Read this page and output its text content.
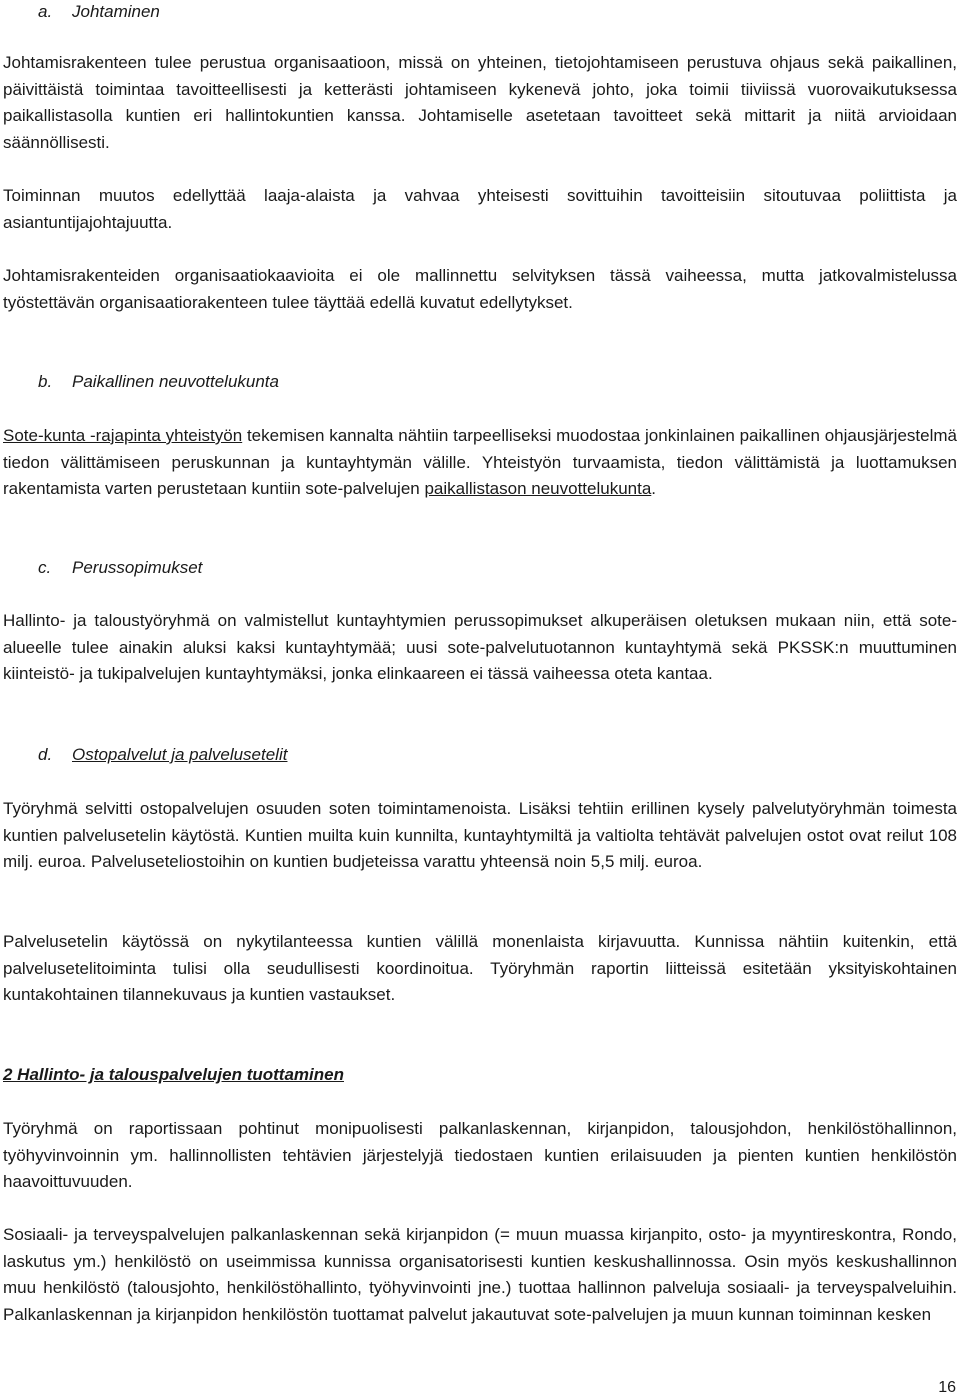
a. Johtaminen

Johtamisrakenteen tulee perustua organisaatioon, missä on yhteinen, tietojohtamiseen perustuva ohjaus sekä paikallinen, päivittäistä toimintaa tavoitteellisesti ja ketterästi johtamiseen kykenevä johto, joka toimii tiiviissä vuorovaikutuksessa paikallistasolla kuntien eri hallintokuntien kanssa. Johtamiselle asetetaan tavoitteet sekä mittarit ja niitä arvioidaan säännöllisesti.

Toiminnan muutos edellyttää laaja-alaista ja vahvaa yhteisesti sovittuihin tavoitteisiin sitoutuvaa poliittista ja asiantuntijajohtajuutta.

Johtamisrakenteiden organisaatiokaavioita ei ole mallinnettu selvityksen tässä vaiheessa, mutta jatkovalmistelussa työstettävän organisaatiorakenteen tulee täyttää edellä kuvatut edellytykset.

b. Paikallinen neuvottelukunta

Sote-kunta -rajapinta yhteistyön tekemisen kannalta nähtiin tarpeelliseksi muodostaa jonkinlainen paikallinen ohjausjärjestelmä tiedon välittämiseen peruskunnan ja kuntayhtymän välille. Yhteistyön turvaamista, tiedon välittämistä ja luottamuksen rakentamista varten perustetaan kuntiin sote-palvelujen paikallistason neuvottelukunta.

c. Perussopimukset

Hallinto- ja taloustyöryhmä on valmistellut kuntayhtymien perussopimukset alkuperäisen oletuksen mukaan niin, että sote-alueelle tulee ainakin aluksi kaksi kuntayhtymää; uusi sote-palvelutuotannon kuntayhtymä sekä PKSSK:n muuttuminen kiinteistö- ja tukipalvelujen kuntayhtymäksi, jonka elinkaareen ei tässä vaiheessa oteta kantaa.

d. Ostopalvelut ja palvelusetelit

Työryhmä selvitti ostopalvelujen osuuden soten toimintamenoista. Lisäksi tehtiin erillinen kysely palvelutyöryhmän toimesta kuntien palvelusetelin käytöstä. Kuntien muilta kuin kunnilta, kuntayhtymiltä ja valtiolta tehtävät palvelujen ostot ovat reilut 108 milj. euroa. Palveluseteliostoihin on kuntien budjeteissa varattu yhteensä noin 5,5 milj. euroa.

Palvelusetelin käytössä on nykytilanteessa kuntien välillä monenlaista kirjavuutta. Kunnissa nähtiin kuitenkin, että palvelusetelitoiminta tulisi olla seudullisesti koordinoitua. Työryhmän raportin liitteissä esitetään yksityiskohtainen kuntakohtainen tilannekuvaus ja kuntien vastaukset.

2 Hallinto- ja talouspalvelujen tuottaminen

Työryhmä on raportissaan pohtinut monipuolisesti palkanlaskennan, kirjanpidon, talousjohdon, henkilöstöhallinnon, työhyvinvoinnin ym. hallinnollisten tehtävien järjestelyjä tiedostaen kuntien erilaisuuden ja pienten kuntien henkilöstön haavoittuvuuden.

Sosiaali- ja terveyspalvelujen palkanlaskennan sekä kirjanpidon (= muun muassa kirjanpito, osto- ja myyntireskontra, Rondo, laskutus ym.) henkilöstö on useimmissa kunnissa organisatorisesti kuntien keskushallinnossa. Osin myös keskushallinnon muu henkilöstö (talousjohto, henkilöstöhallinto, työhyvinvointi jne.) tuottaa hallinnon palveluja sosiaali- ja terveyspalveluihin. Palkanlaskennan ja kirjanpidon henkilöstön tuottamat palvelut jakautuvat sote-palvelujen ja muun kunnan toiminnan kesken

16
